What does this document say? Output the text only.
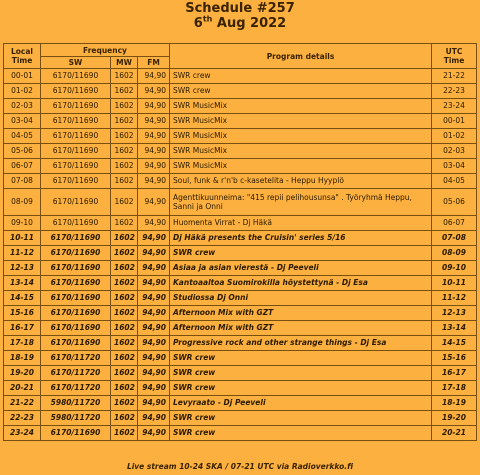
Schedule #257
6th Aug 2022
Local Time	Frequency			Program details	UTC Time
	SW	MW	FM		
00-01	6170/11690	1602	94,90	SWR crew	21-22
01-02	6170/11690	1602	94,90	SWR crew	22-23
02-03	6170/11690	1602	94,90	SWR MusicMix	23-24
03-04	6170/11690	1602	94,90	SWR MusicMix	00-01
04-05	6170/11690	1602	94,90	SWR MusicMix	01-02
05-06	6170/11690	1602	94,90	SWR MusicMix	02-03
06-07	6170/11690	1602	94,90	SWR MusicMix	03-04
07-08	6170/11690	1602	94,90	Soul, funk & r'n'b c-kasetelita - Heppu Hyyplö	04-05
08-09	6170/11690	1602	94,90	Agenttikuunneima: "415 repii pelihousunsa" . Työryhmä Heppu, Sanni ja Onni	05-06
09-10	6170/11690	1602	94,90	Huomenta Virrat - Dj Häkä	06-07
10-11	6170/11690	1602	94,90	Dj Häkä presents the Cruisin' series 5/16	07-08
11-12	6170/11690	1602	94,90	SWR crew	08-09
12-13	6170/11690	1602	94,90	Asiaa ja asian vierestä - Dj Peeveli	09-10
13-14	6170/11690	1602	94,90	Kantoaaltoa Suomirokilla höystettynä - Dj Esa	10-11
14-15	6170/11690	1602	94,90	Studiossa Dj Onni	11-12
15-16	6170/11690	1602	94,90	Afternoon Mix with GZT	12-13
16-17	6170/11690	1602	94,90	Afternoon Mix with GZT	13-14
17-18	6170/11690	1602	94,90	Progressive rock and other strange things - Dj Esa	14-15
18-19	6170/11720	1602	94,90	SWR crew	15-16
19-20	6170/11720	1602	94,90	SWR crew	16-17
20-21	6170/11720	1602	94,90	SWR crew	17-18
21-22	5980/11720	1602	94,90	Levyraato - Dj Peeveli	18-19
22-23	5980/11720	1602	94,90	SWR crew	19-20
23-24	6170/11690	1602	94,90	SWR crew	20-21
Live stream 10-24 SKA / 07-21 UTC via Radioverkko.fi
